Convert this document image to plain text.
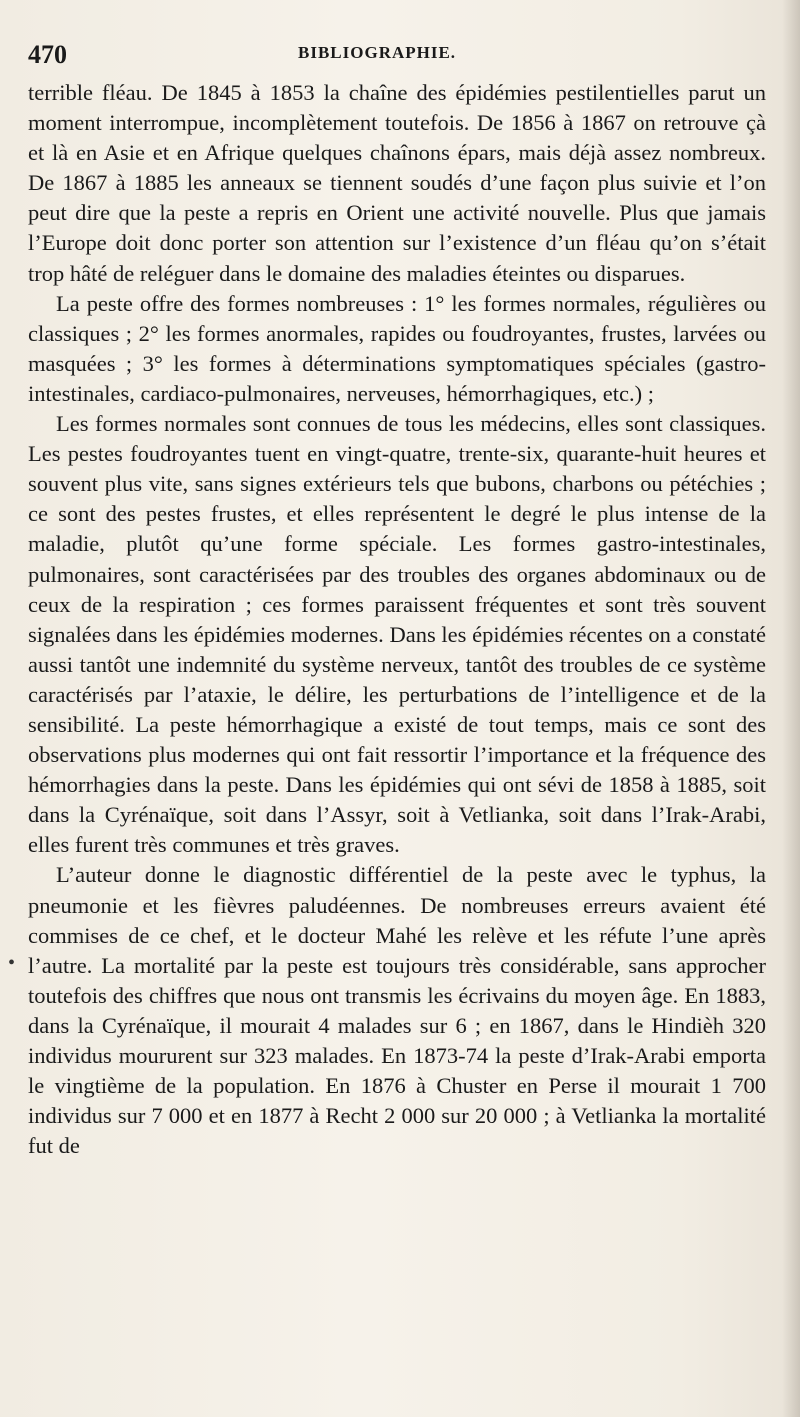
470	BIBLIOGRAPHIE.

terrible fléau. De 1845 à 1853 la chaîne des épidémies pestilentielles parut un moment interrompue, incomplètement toutefois. De 1856 à 1867 on retrouve çà et là en Asie et en Afrique quelques chaînons épars, mais déjà assez nombreux. De 1867 à 1885 les anneaux se tiennent soudés d’une façon plus suivie et l’on peut dire que la peste a repris en Orient une activité nouvelle. Plus que jamais l’Europe doit donc porter son attention sur l’existence d’un fléau qu’on s’était trop hâté de reléguer dans le domaine des maladies éteintes ou disparues.

La peste offre des formes nombreuses : 1° les formes normales, régulières ou classiques ; 2° les formes anormales, rapides ou foudroyantes, frustes, larvées ou masquées ; 3° les formes à déterminations symptomatiques spéciales (gastro-intestinales, cardiaco-pulmonaires, nerveuses, hémorrhagiques, etc.) ;

Les formes normales sont connues de tous les médecins, elles sont classiques. Les pestes foudroyantes tuent en vingt-quatre, trente-six, quarante-huit heures et souvent plus vite, sans signes extérieurs tels que bubons, charbons ou pétéchies ; ce sont des pestes frustes, et elles représentent le degré le plus intense de la maladie, plutôt qu’une forme spéciale. Les formes gastro-intestinales, pulmonaires, sont caractérisées par des troubles des organes abdominaux ou de ceux de la respiration ; ces formes paraissent fréquentes et sont très souvent signalées dans les épidémies modernes. Dans les épidémies récentes on a constaté aussi tantôt une indemnité du système nerveux, tantôt des troubles de ce système caractérisés par l’ataxie, le délire, les perturbations de l’intelligence et de la sensibilité. La peste hémorrhagique a existé de tout temps, mais ce sont des observations plus modernes qui ont fait ressortir l’importance et la fréquence des hémorrhagies dans la peste. Dans les épidémies qui ont sévi de 1858 à 1885, soit dans la Cyrénaïque, soit dans l’Assyr, soit à Vetlianka, soit dans l’Irak-Arabi, elles furent très communes et très graves.

L’auteur donne le diagnostic différentiel de la peste avec le typhus, la pneumonie et les fièvres paludéennes. De nombreuses erreurs avaient été commises de ce chef, et le docteur Mahé les relève et les réfute l’une après l’autre. La mortalité par la peste est toujours très considérable, sans approcher toutefois des chiffres que nous ont transmis les écrivains du moyen âge. En 1883, dans la Cyrénaïque, il mourait 4 malades sur 6 ; en 1867, dans le Hindièh 320 individus moururent sur 323 malades. En 1873-74 la peste d’Irak-Arabi emporta le vingtième de la population. En 1876 à Chuster en Perse il mourait 1 700 individus sur 7 000 et en 1877 à Recht 2 000 sur 20 000 ; à Vetlianka la mortalité fut de

•
